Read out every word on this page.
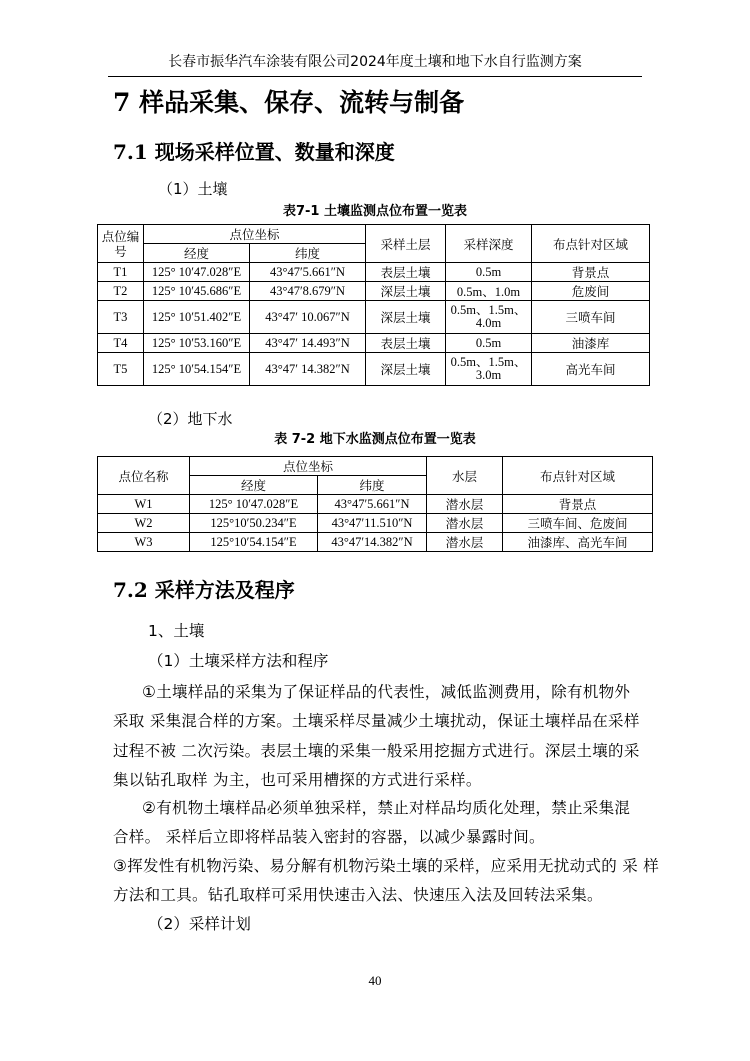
长春市振华汽车涂装有限公司2024年度土壤和地下水自行监测方案
7 样品采集、保存、流转与制备
7.1 现场采样位置、数量和深度
（1）土壤
表7-1 土壤监测点位布置一览表
点位编号	点位坐标		采样土层	采样深度	布点针对区域
	经度	纬度			
T1	125° 10′47.028″E	43°47′5.661″N	表层土壤	0.5m	背景点
T2	125° 10′45.686″E	43°47′8.679″N	深层土壤	0.5m、1.0m	危废间
T3	125° 10′51.402″E	43°47′ 10.067″N	深层土壤	0.5m、1.5m、4.0m	三喷车间
T4	125° 10′53.160″E	43°47′ 14.493″N	表层土壤	0.5m	油漆库
T5	125° 10′54.154″E	43°47′ 14.382″N	深层土壤	0.5m、1.5m、3.0m	高光车间
（2）地下水
表 7-2 地下水监测点位布置一览表
点位名称	点位坐标		水层	布点针对区域
	经度	纬度		
W1	125° 10′47.028″E	43°47′5.661″N	潜水层	背景点
W2	125°10′50.234″E	43°47′11.510″N	潜水层	三喷车间、危废间
W3	125°10′54.154″E	43°47′14.382″N	潜水层	油漆库、高光车间
7.2 采样方法及程序
1、土壤
（1）土壤采样方法和程序
①土壤样品的采集为了保证样品的代表性，减低监测费用，除有机物外采取 采集混合样的方案。土壤采样尽量减少土壤扰动，保证土壤样品在采样过程不被 二次污染。表层土壤的采集一般采用挖掘方式进行。深层土壤的采集以钻孔取样 为主，也可采用槽探的方式进行采样。
②有机物土壤样品必须单独采样，禁止对样品均质化处理，禁止采集混合样。 采样后立即将样品装入密封的容器，以减少暴露时间。
③挥发性有机物污染、易分解有机物污染土壤的采样，应采用无扰动式的 采 样
方法和工具。钻孔取样可采用快速击入法、快速压入法及回转法采集。
（2）采样计划
40
